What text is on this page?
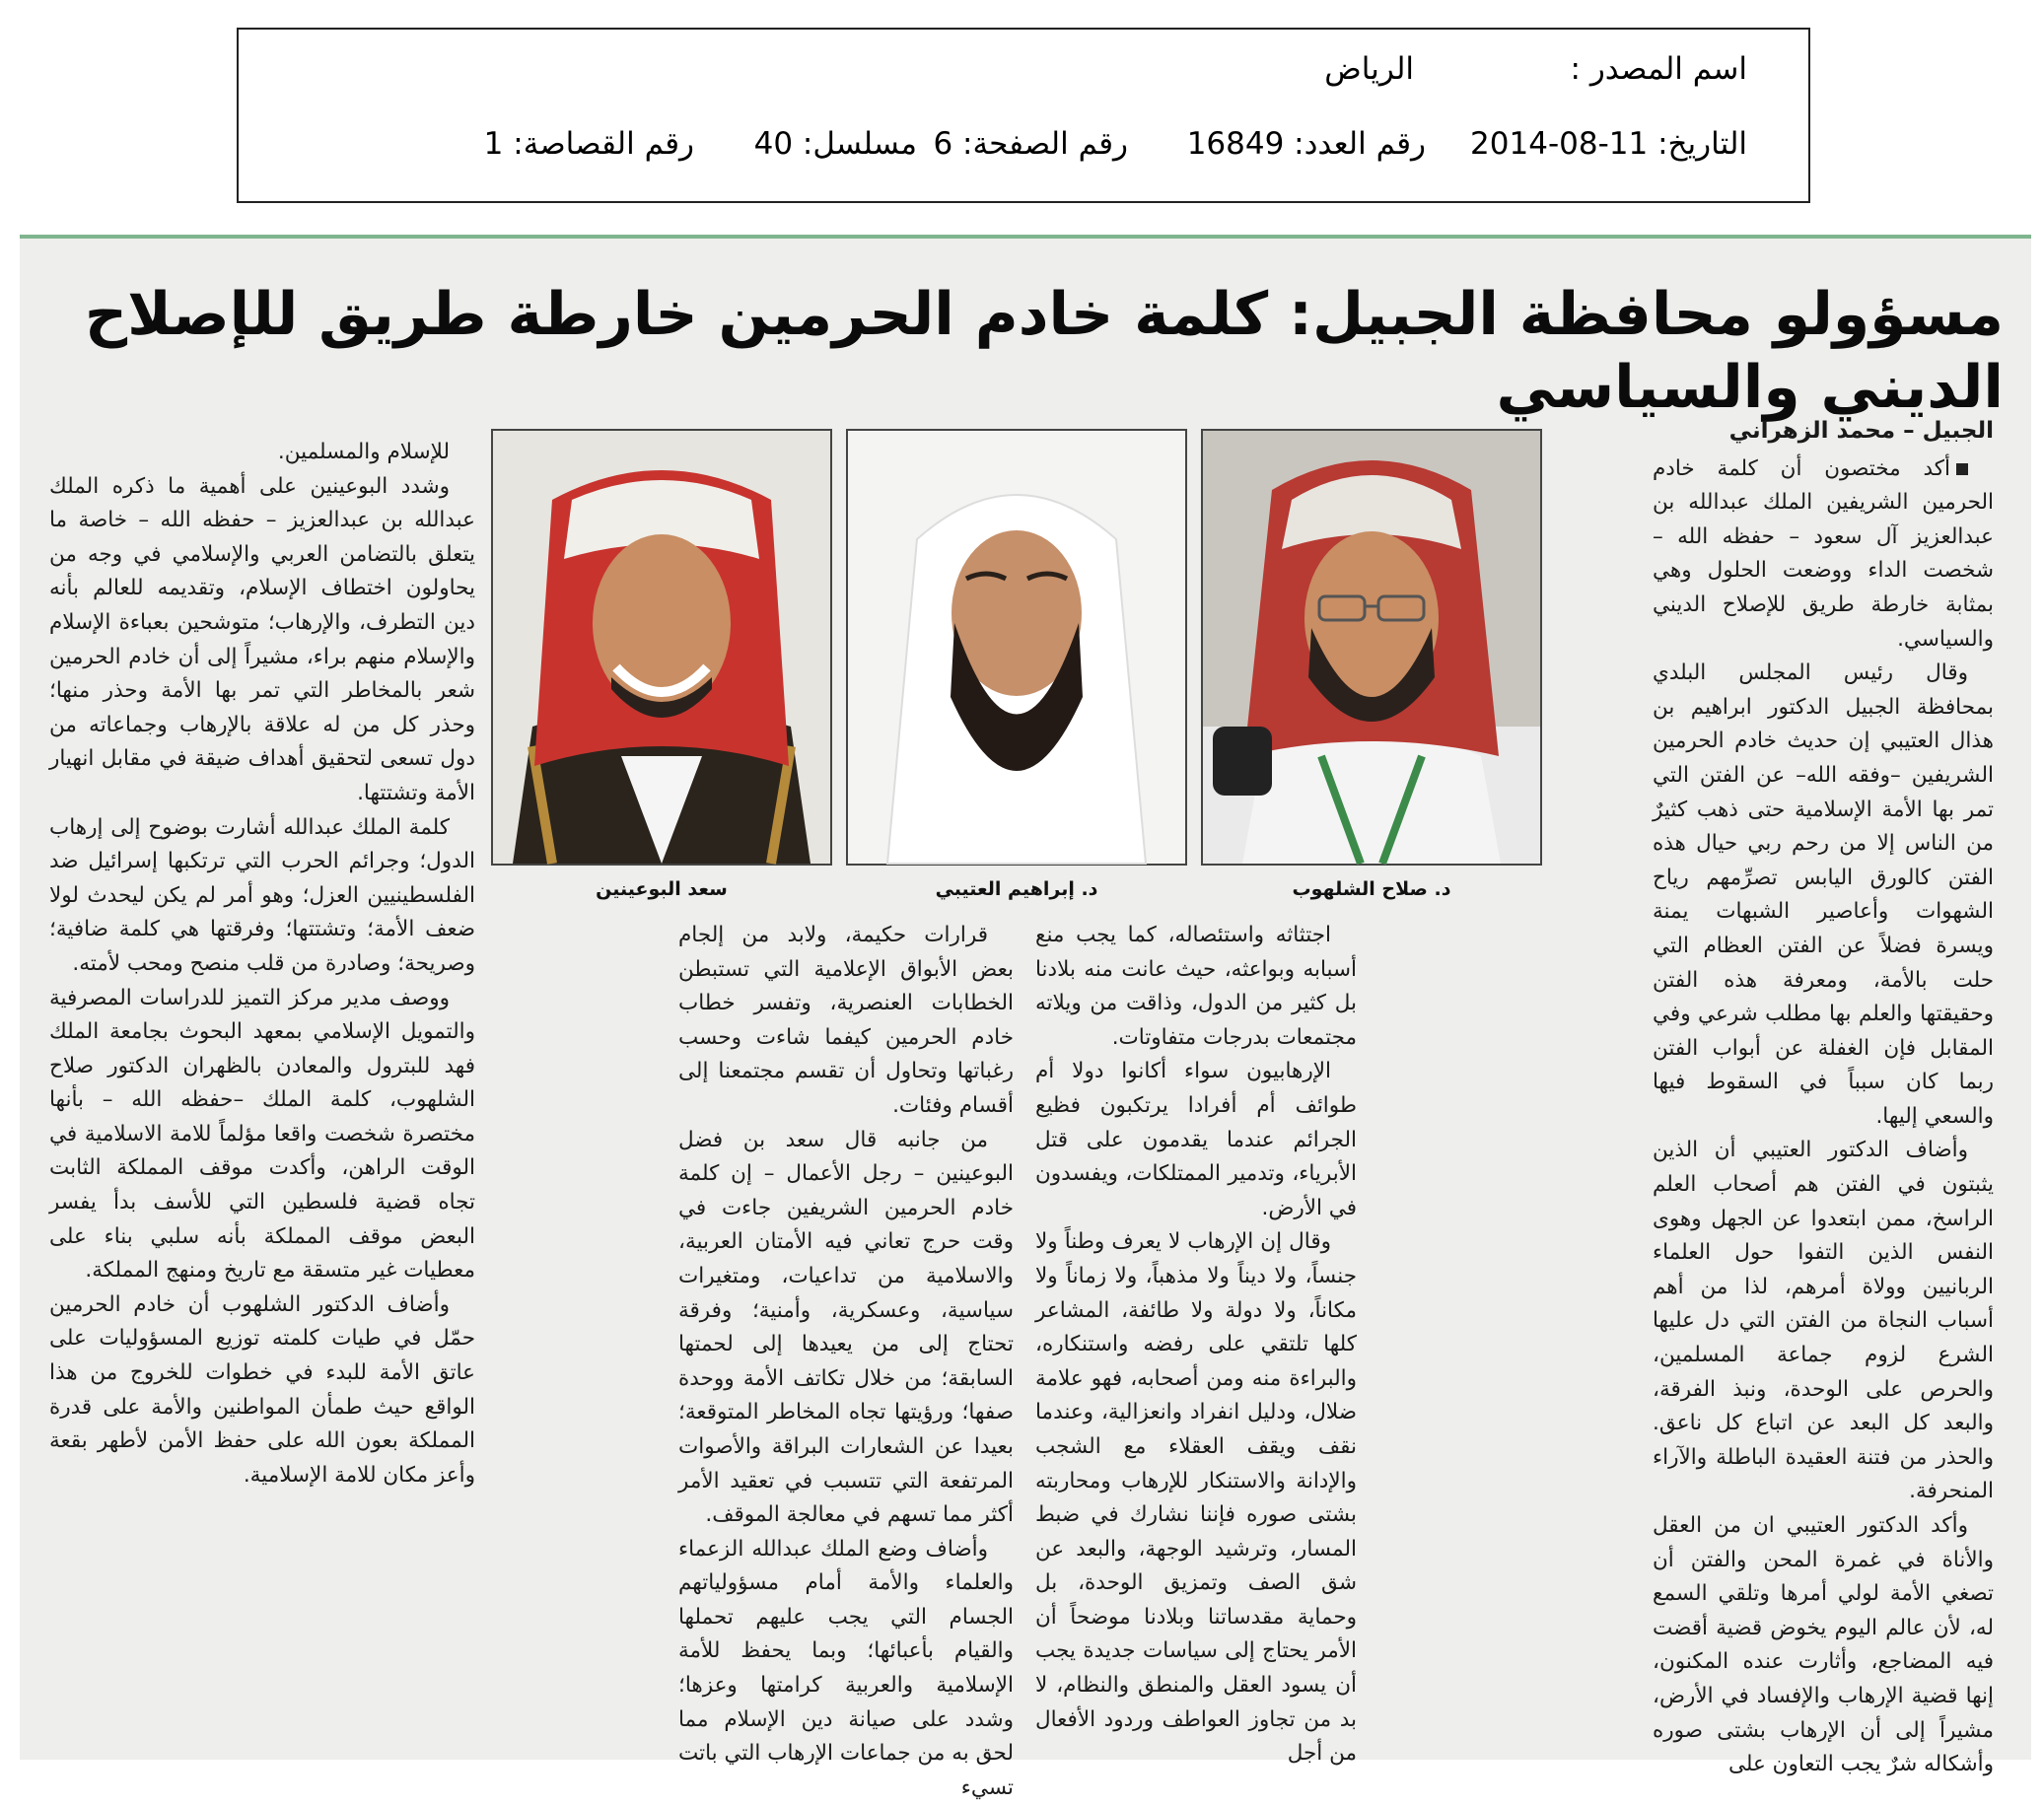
اسم المصدر :
الرياض
التاريخ: 11-08-2014
رقم العدد: 16849
رقم الصفحة: 6
مسلسل: 40
رقم القصاصة: 1
مسؤولو محافظة الجبيل: كلمة خادم الحرمين خارطة طريق للإصلاح الديني والسياسي
الجبيل – محمد الزهراني

أكد مختصون أن كلمة خادم الحرمين الشريفين الملك عبدالله بن عبدالعزيز آل سعود – حفظه الله – شخصت الداء ووضعت الحلول وهي بمثابة خارطة طريق للإصلاح الديني والسياسي.

وقال رئيس المجلس البلدي بمحافظة الجبيل الدكتور ابراهيم بن هذال العتيبي إن حديث خادم الحرمين الشريفين –وفقه الله– عن الفتن التي تمر بها الأمة الإسلامية حتى ذهب كثيرٌ من الناس إلا من رحم ربي حيال هذه الفتن كالورق اليابس تصرِّمهم رياح الشهوات وأعاصير الشبهات يمنة ويسرة فضلاً عن الفتن العظام التي حلت بالأمة، ومعرفة هذه الفتن وحقيقتها والعلم بها مطلب شرعي وفي المقابل فإن الغفلة عن أبواب الفتن ربما كان سبباً في السقوط فيها والسعي إليها.

وأضاف الدكتور العتيبي أن الذين يثبتون في الفتن هم أصحاب العلم الراسخ، ممن ابتعدوا عن الجهل وهوى النفس الذين التفوا حول العلماء الربانيين وولاة أمرهم، لذا من أهم أسباب النجاة من الفتن التي دل عليها الشرع لزوم جماعة المسلمين، والحرص على الوحدة، ونبذ الفرقة، والبعد كل البعد عن اتباع كل ناعق. والحذر من فتنة العقيدة الباطلة والآراء المنحرفة.

وأكد الدكتور العتيبي ان من العقل والأناة في غمرة المحن والفتن أن تصغي الأمة لولي أمرها وتلقي السمع له، لأن عالم اليوم يخوض قضية أقضت فيه المضاجع، وأثارت عنده المكنون، إنها قضية الإرهاب والإفساد في الأرض، مشيراً إلى أن الإرهاب بشتى صوره وأشكاله شرٌ يجب التعاون على

د. صلاح الشلهوب
د. إبراهيم العتيبي
سعد البوعينين

اجتثاثه واستئصاله، كما يجب منع أسبابه وبواعثه، حيث عانت منه بلادنا بل كثير من الدول، وذاقت من ويلاته مجتمعات بدرجات متفاوتات.

الإرهابيون سواء أكانوا دولا أم طوائف أم أفرادا يرتكبون فظيع الجرائم عندما يقدمون على قتل الأبرياء، وتدمير الممتلكات، ويفسدون في الأرض.

وقال إن الإرهاب لا يعرف وطناً ولا جنساً، ولا ديناً ولا مذهباً، ولا زماناً ولا مكاناً، ولا دولة ولا طائفة، المشاعر كلها تلتقي على رفضه واستنكاره، والبراءة منه ومن أصحابه، فهو علامة ضلال، ودليل انفراد وانعزالية، وعندما نقف ويقف العقلاء مع الشجب والإدانة والاستنكار للإرهاب ومحاربته بشتى صوره فإننا نشارك في ضبط المسار، وترشيد الوجهة، والبعد عن شق الصف وتمزيق الوحدة، بل وحماية مقدساتنا وبلادنا موضحاً أن الأمر يحتاج إلى سياسات جديدة يجب أن يسود العقل والمنطق والنظام، لا بد من تجاوز العواطف وردود الأفعال من أجل

قرارات حكيمة، ولابد من إلجام بعض الأبواق الإعلامية التي تستبطن الخطابات العنصرية، وتفسر خطاب خادم الحرمين كيفما شاءت وحسب رغباتها وتحاول أن تقسم مجتمعنا إلى أقسام وفئات.

من جانبه قال سعد بن فضل البوعينين – رجل الأعمال – إن كلمة خادم الحرمين الشريفين جاءت في وقت حرج تعاني فيه الأمتان العربية، والاسلامية من تداعيات، ومتغيرات سياسية، وعسكرية، وأمنية؛ وفرقة تحتاج إلى من يعيدها إلى لحمتها السابقة؛ من خلال تكاتف الأمة ووحدة صفها؛ ورؤيتها تجاه المخاطر المتوقعة؛ بعيدا عن الشعارات البراقة والأصوات المرتفعة التي تتسبب في تعقيد الأمر أكثر مما تسهم في معالجة الموقف.

وأضاف وضع الملك عبدالله الزعماء والعلماء والأمة أمام مسؤولياتهم الجسام التي يجب عليهم تحملها والقيام بأعبائها؛ وبما يحفظ للأمة الإسلامية والعربية كرامتها وعزها؛ وشدد على صيانة دين الإسلام مما لحق به من جماعات الإرهاب التي باتت تسيء

للإسلام والمسلمين.

وشدد البوعينين على أهمية ما ذكره الملك عبدالله بن عبدالعزيز – حفظه الله – خاصة ما يتعلق بالتضامن العربي والإسلامي في وجه من يحاولون اختطاف الإسلام، وتقديمه للعالم بأنه دين التطرف، والإرهاب؛ متوشحين بعباءة الإسلام والإسلام منهم براء، مشيراً إلى أن خادم الحرمين شعر بالمخاطر التي تمر بها الأمة وحذر منها؛ وحذر كل من له علاقة بالإرهاب وجماعاته من دول تسعى لتحقيق أهداف ضيقة في مقابل انهيار الأمة وتشتتها.

كلمة الملك عبدالله أشارت بوضوح إلى إرهاب الدول؛ وجرائم الحرب التي ترتكبها إسرائيل ضد الفلسطينيين العزل؛ وهو أمر لم يكن ليحدث لولا ضعف الأمة؛ وتشتتها؛ وفرقتها هي كلمة ضافية؛ وصريحة؛ وصادرة من قلب منصح ومحب لأمته.

ووصف مدير مركز التميز للدراسات المصرفية والتمويل الإسلامي بمعهد البحوث بجامعة الملك فهد للبترول والمعادن بالظهران الدكتور صلاح الشلهوب، كلمة الملك –حفظه الله – بأنها مختصرة شخصت واقعا مؤلماً للامة الاسلامية في الوقت الراهن، وأكدت موقف المملكة الثابت تجاه قضية فلسطين التي للأسف بدأ يفسر البعض موقف المملكة بأنه سلبي بناء على معطيات غير متسقة مع تاريخ ومنهج المملكة.

وأضاف الدكتور الشلهوب أن خادم الحرمين حمّل في طيات كلمته توزيع المسؤوليات على عاتق الأمة للبدء في خطوات للخروج من هذا الواقع حيث طمأن المواطنين والأمة على قدرة المملكة بعون الله على حفظ الأمن لأطهر بقعة وأعز مكان للامة الإسلامية.
